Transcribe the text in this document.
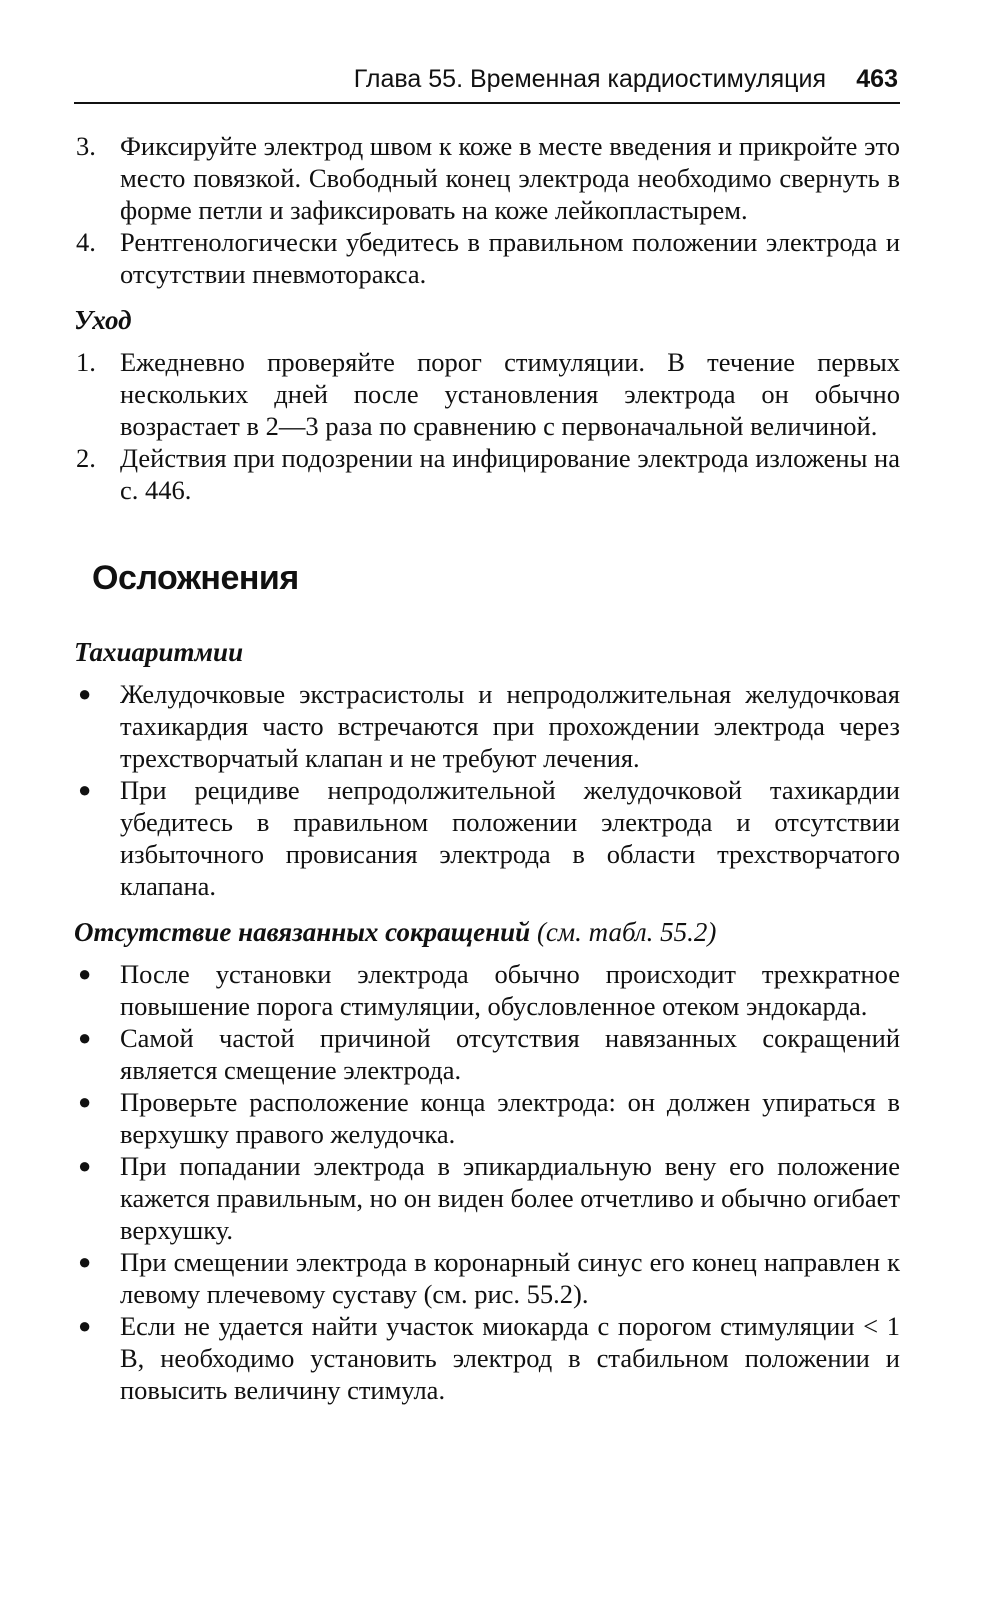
Глава 55. Временная кардиостимуляция 463
3. Фиксируйте электрод швом к коже в месте введения и прикройте это место повязкой. Свободный конец электрода необходимо свернуть в форме петли и зафиксировать на коже лейкопластырем.
4. Рентгенологически убедитесь в правильном положении электрода и отсутствии пневмоторакса.
Уход
1. Ежедневно проверяйте порог стимуляции. В течение первых нескольких дней после установления электрода он обычно возрастает в 2—3 раза по сравнению с первоначальной величиной.
2. Действия при подозрении на инфицирование электрода изложены на с. 446.
Осложнения
Тахиаритмии
● Желудочковые экстрасистолы и непродолжительная желудочковая тахикардия часто встречаются при прохождении электрода через трехстворчатый клапан и не требуют лечения.
● При рецидиве непродолжительной желудочковой тахикардии убедитесь в правильном положении электрода и отсутствии избыточного провисания электрода в области трехстворчатого клапана.
Отсутствие навязанных сокращений (см. табл. 55.2)
● После установки электрода обычно происходит трехкратное повышение порога стимуляции, обусловленное отеком эндокарда.
● Самой частой причиной отсутствия навязанных сокращений является смещение электрода.
● Проверьте расположение конца электрода: он должен упираться в верхушку правого желудочка.
● При попадании электрода в эпикардиальную вену его положение кажется правильным, но он виден более отчетливо и обычно огибает верхушку.
● При смещении электрода в коронарный синус его конец направлен к левому плечевому суставу (см. рис. 55.2).
● Если не удается найти участок миокарда с порогом стимуляции < 1 В, необходимо установить электрод в стабильном положении и повысить величину стимула.
